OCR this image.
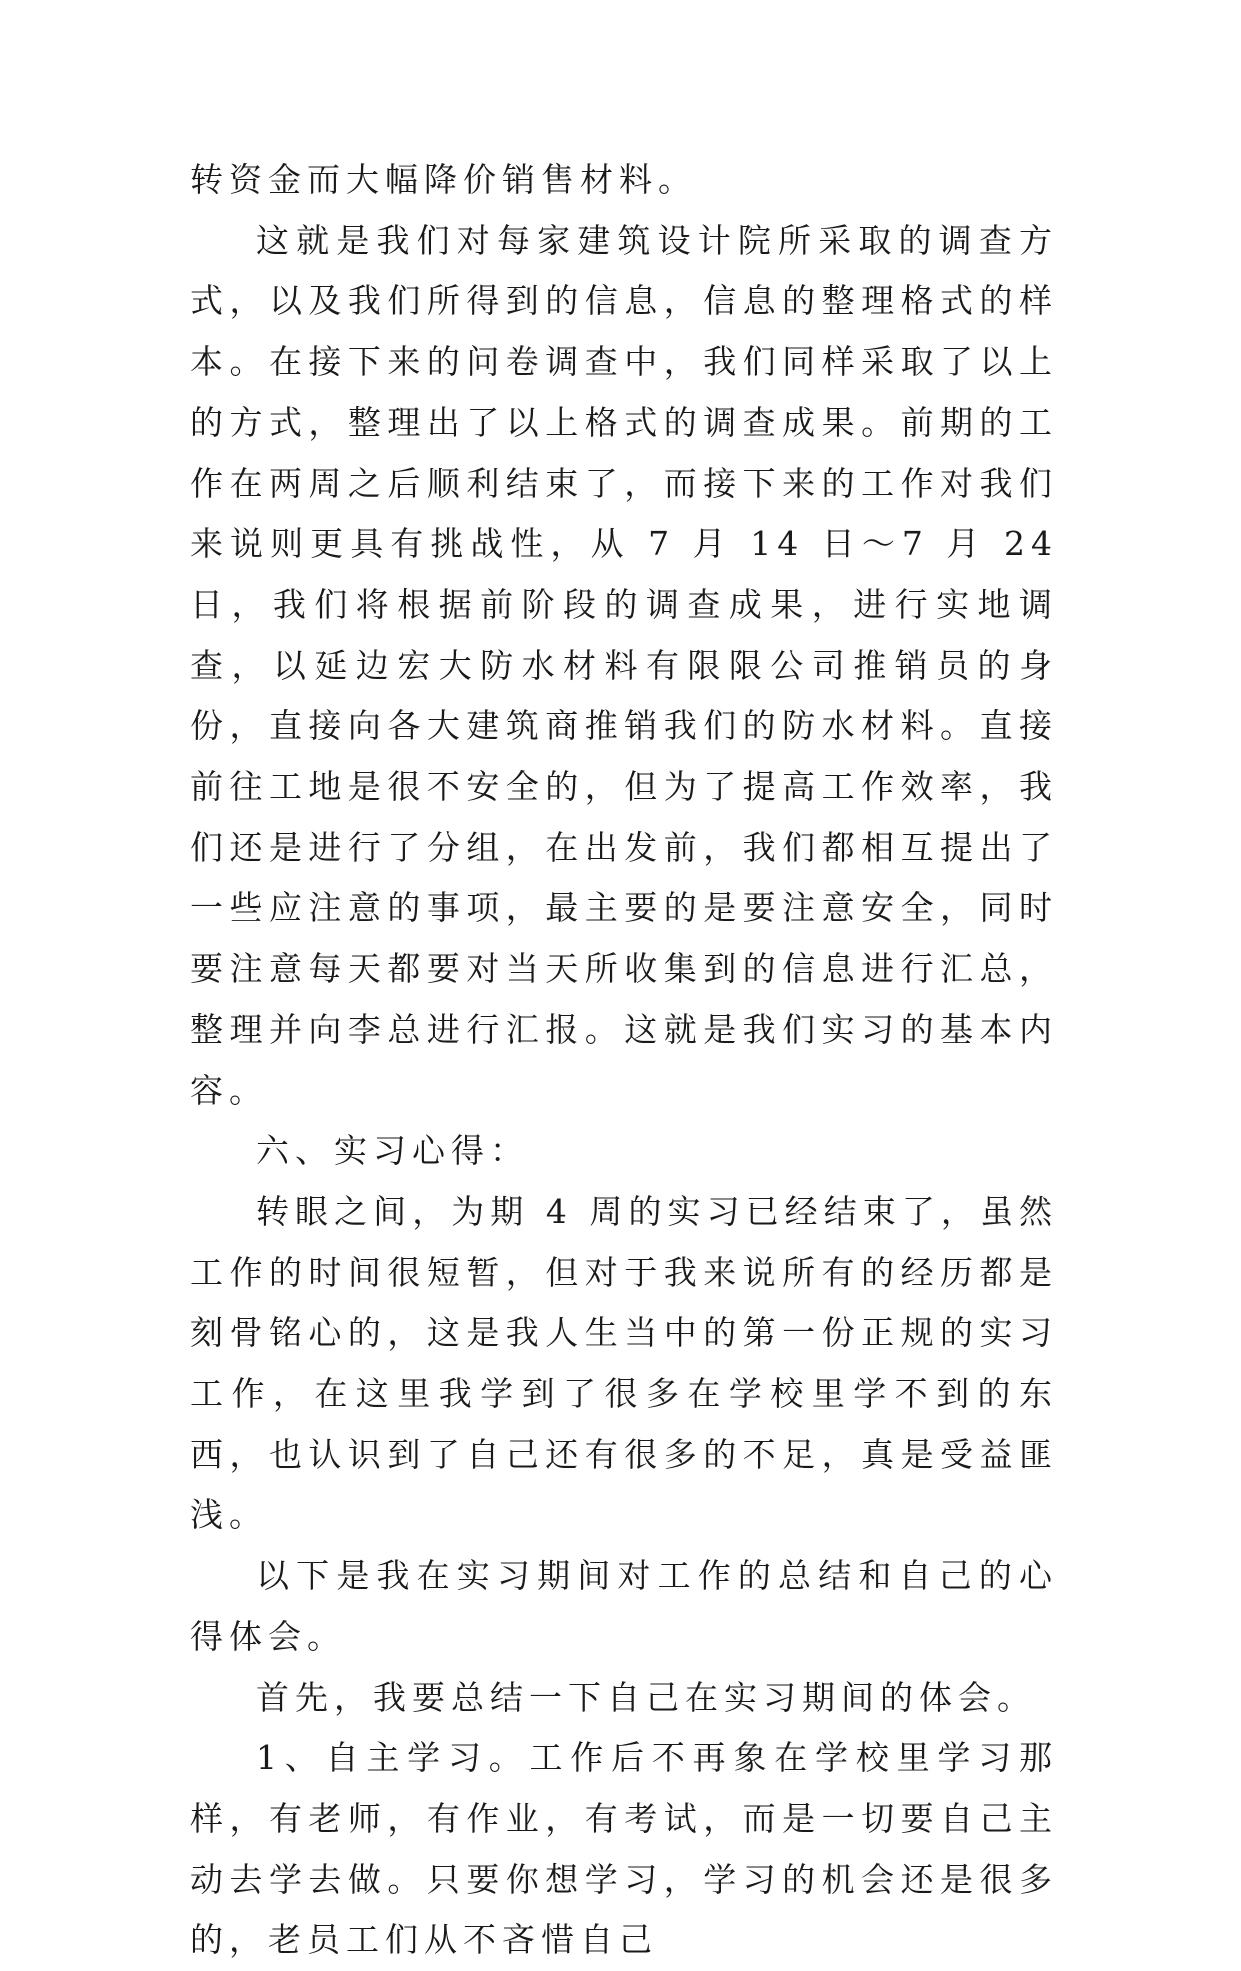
转资金而大幅降价销售材料。

这就是我们对每家建筑设计院所采取的调查方式，以及我们所得到的信息，信息的整理格式的样本。在接下来的问卷调查中，我们同样采取了以上的方式，整理出了以上格式的调查成果。前期的工作在两周之后顺利结束了，而接下来的工作对我们来说则更具有挑战性，从 7 月 14 日～7 月 24 日，我们将根据前阶段的调查成果，进行实地调查，以延边宏大防水材料有限限公司推销员的身份，直接向各大建筑商推销我们的防水材料。直接前往工地是很不安全的，但为了提高工作效率，我们还是进行了分组，在出发前，我们都相互提出了一些应注意的事项，最主要的是要注意安全，同时要注意每天都要对当天所收集到的信息进行汇总，整理并向李总进行汇报。这就是我们实习的基本内容。

六、实习心得：

转眼之间，为期 4 周的实习已经结束了，虽然工作的时间很短暂，但对于我来说所有的经历都是刻骨铭心的，这是我人生当中的第一份正规的实习工作，在这里我学到了很多在学校里学不到的东西，也认识到了自己还有很多的不足，真是受益匪浅。

以下是我在实习期间对工作的总结和自己的心得体会。

首先，我要总结一下自己在实习期间的体会。

1、自主学习。工作后不再象在学校里学习那样，有老师，有作业，有考试，而是一切要自己主动去学去做。只要你想学习，学习的机会还是很多的，老员工们从不吝惜自己
